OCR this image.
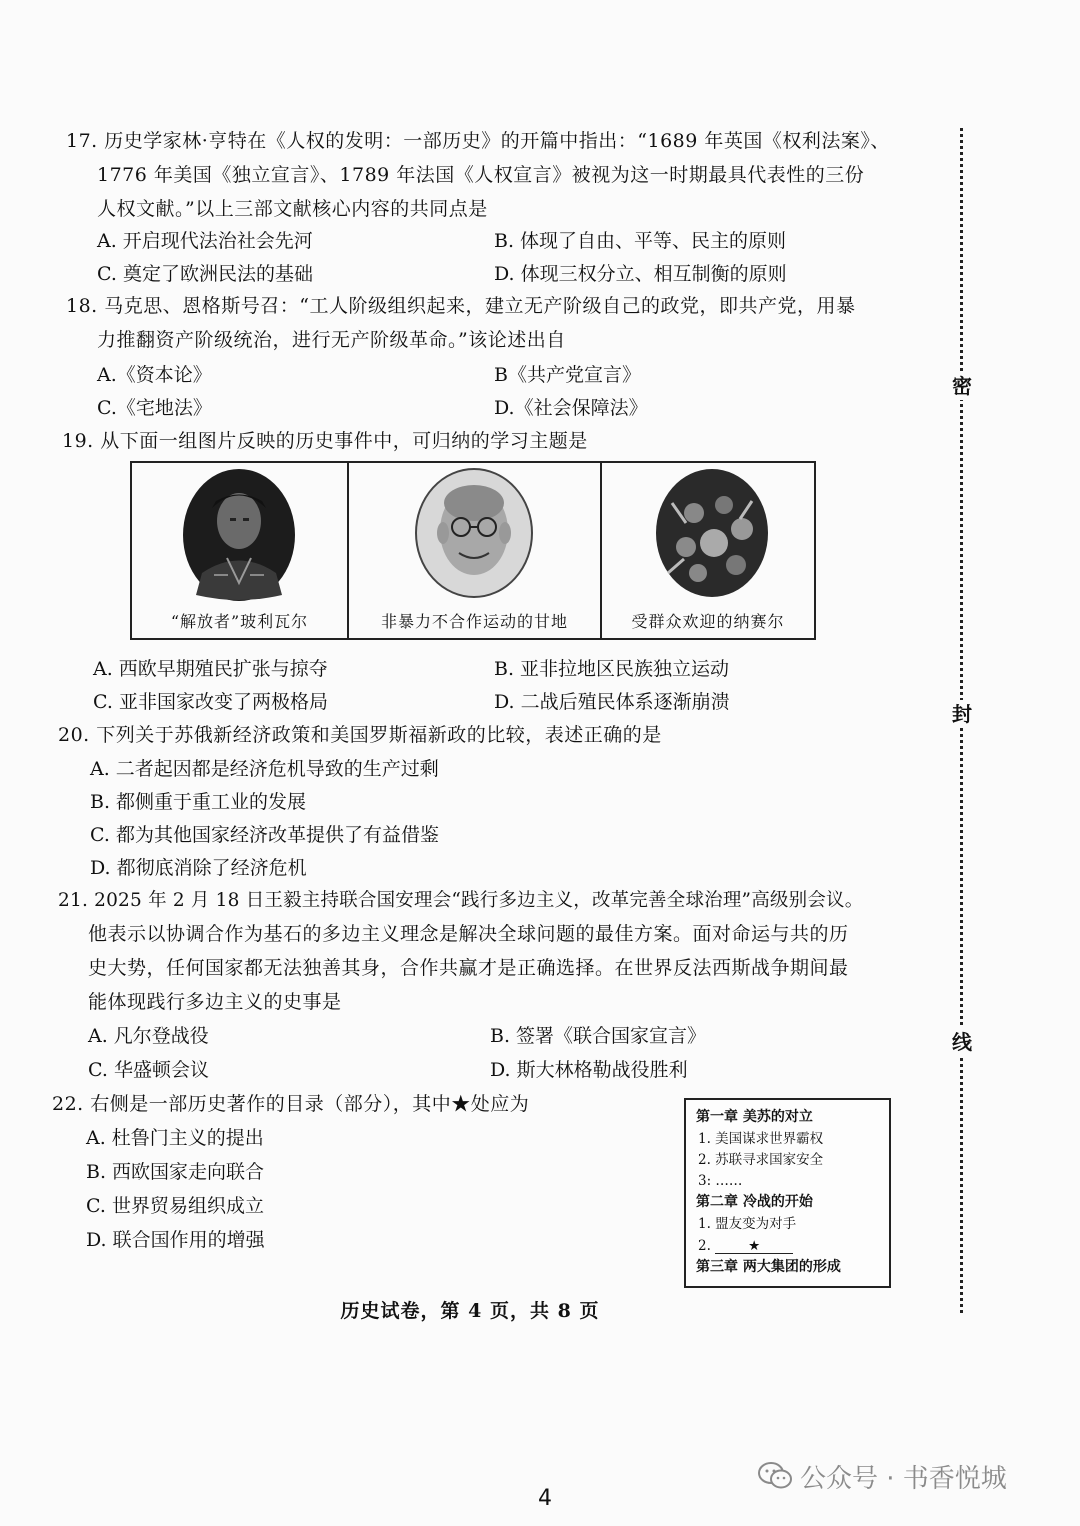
17. 历史学家林·亨特在《人权的发明：一部历史》的开篇中指出：“1689 年英国《权利法案》、
1776 年美国《独立宣言》、1789 年法国《人权宣言》被视为这一时期最具代表性的三份
人权文献。”以上三部文献核心内容的共同点是
A. 开启现代法治社会先河	B. 体现了自由、平等、民主的原则
C. 奠定了欧洲民法的基础	D. 体现三权分立、相互制衡的原则
18. 马克思、恩格斯号召：“工人阶级组织起来，建立无产阶级自己的政党，即共产党，用暴
力推翻资产阶级统治，进行无产阶级革命。”该论述出自
A.《资本论》	B《共产党宣言》
C.《宅地法》	D.《社会保障法》
19. 从下面一组图片反映的历史事件中，可归纳的学习主题是
“解放者”玻利瓦尔	非暴力不合作运动的甘地	受群众欢迎的纳赛尔
A. 西欧早期殖民扩张与掠夺	B. 亚非拉地区民族独立运动
C. 亚非国家改变了两极格局	D. 二战后殖民体系逐渐崩溃
20. 下列关于苏俄新经济政策和美国罗斯福新政的比较，表述正确的是
A. 二者起因都是经济危机导致的生产过剩
B. 都侧重于重工业的发展
C. 都为其他国家经济改革提供了有益借鉴
D. 都彻底消除了经济危机
21. 2025 年 2 月 18 日王毅主持联合国安理会“践行多边主义，改革完善全球治理”高级别会议。
他表示以协调合作为基石的多边主义理念是解决全球问题的最佳方案。面对命运与共的历
史大势，任何国家都无法独善其身，合作共赢才是正确选择。在世界反法西斯战争期间最
能体现践行多边主义的史事是
A. 凡尔登战役	B. 签署《联合国家宣言》
C. 华盛顿会议	D. 斯大林格勒战役胜利
22. 右侧是一部历史著作的目录（部分），其中★处应为
A. 杜鲁门主义的提出
B. 西欧国家走向联合
C. 世界贸易组织成立
D. 联合国作用的增强
第一章 美苏的对立
1. 美国谋求世界霸权
2. 苏联寻求国家安全
3: ……
第二章 冷战的开始
1. 盟友变为对手
2.	★
第三章 两大集团的形成
密
封
线
历史试卷，第 4 页，共 8 页
公众号 · 书香悦城
4
